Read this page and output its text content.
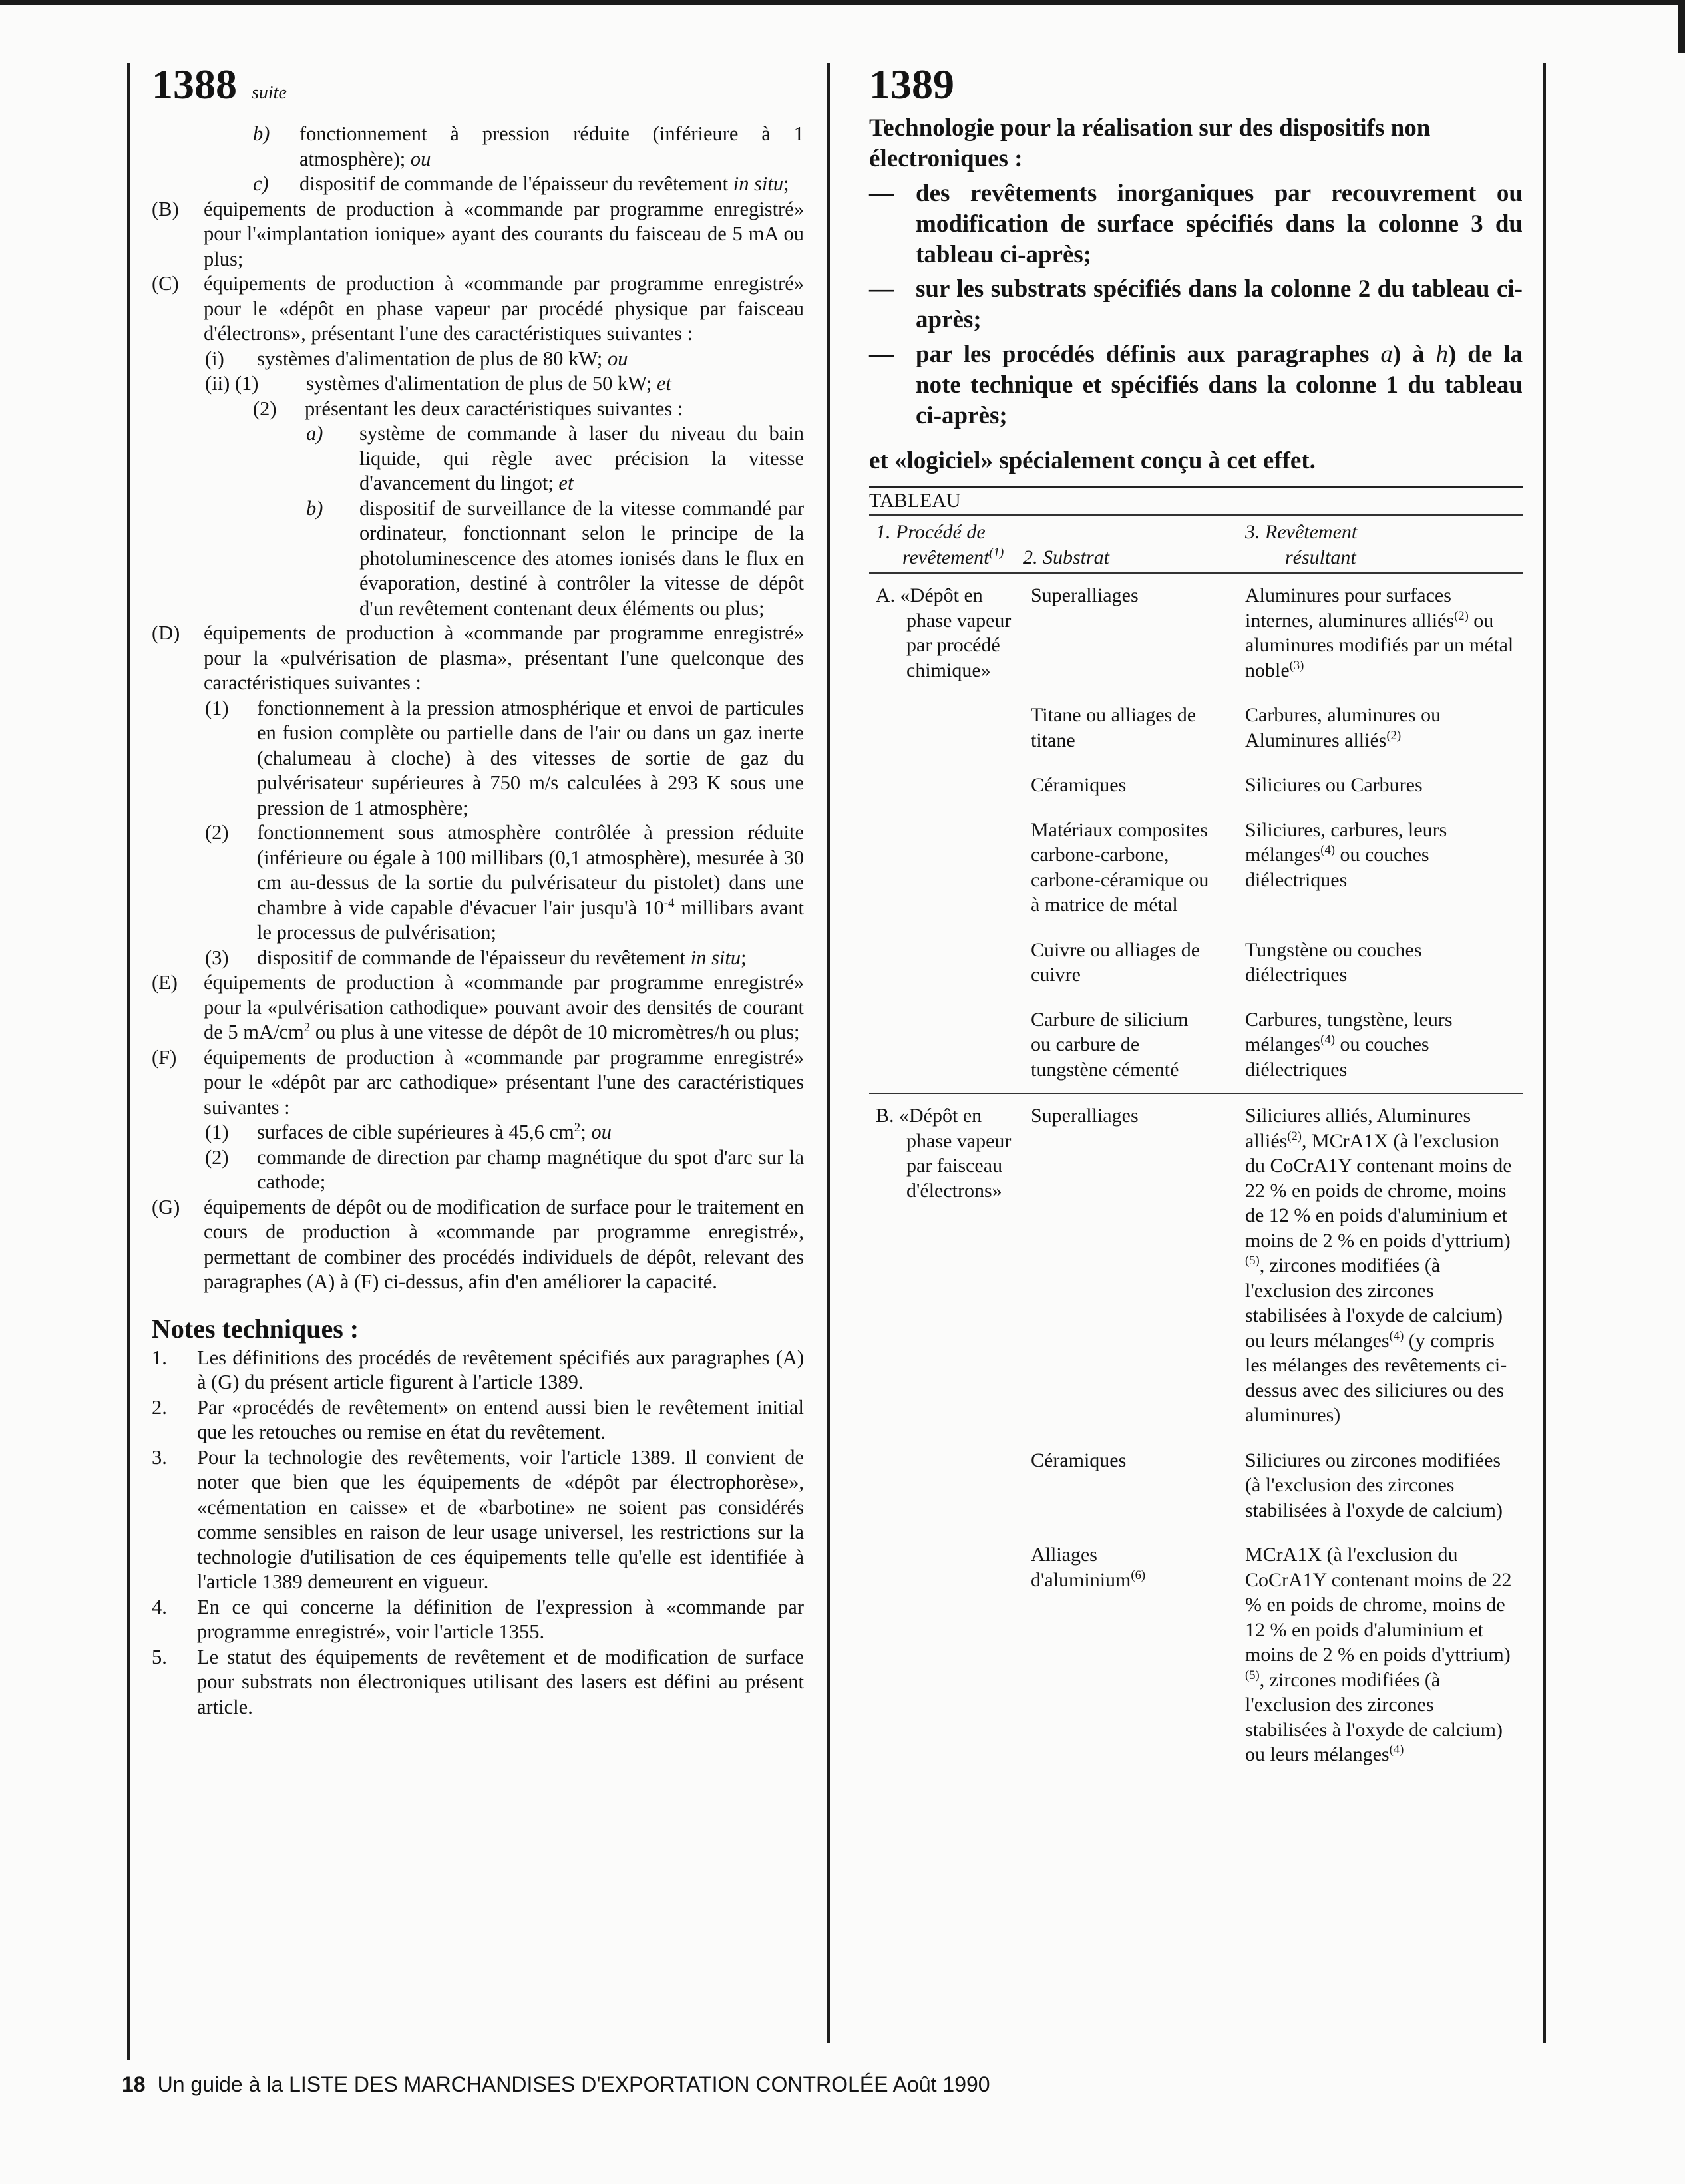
1388 suite

b)	fonctionnement à pression réduite (inférieure à 1 atmosphère); ou

c)	dispositif de commande de l'épaisseur du revêtement in situ;

(B)	équipements de production à «commande par programme enregistré» pour l'«implantation ionique» ayant des courants du faisceau de 5 mA ou plus;

(C)	équipements de production à «commande par programme enregistré» pour le «dépôt en phase vapeur par procédé physique par faisceau d'électrons», présentant l'une des caractéristiques suivantes :

(i)	systèmes d'alimentation de plus de 80 kW; ou

(ii) (1)	systèmes d'alimentation de plus de 50 kW; et

(2)	présentant les deux caractéristiques suivantes :

a)	système de commande à laser du niveau du bain liquide, qui règle avec précision la vitesse d'avancement du lingot; et

b)	dispositif de surveillance de la vitesse commandé par ordinateur, fonctionnant selon le principe de la photoluminescence des atomes ionisés dans le flux en évaporation, destiné à contrôler la vitesse de dépôt d'un revêtement contenant deux éléments ou plus;

(D)	équipements de production à «commande par programme enregistré» pour la «pulvérisation de plasma», présentant l'une quelconque des caractéristiques suivantes :

(1)	fonctionnement à la pression atmosphérique et envoi de particules en fusion complète ou partielle dans de l'air ou dans un gaz inerte (chalumeau à cloche) à des vitesses de sortie de gaz du pulvérisateur supérieures à 750 m/s calculées à 293 K sous une pression de 1 atmosphère;

(2)	fonctionnement sous atmosphère contrôlée à pression réduite (inférieure ou égale à 100 millibars (0,1 atmosphère), mesurée à 30 cm au-dessus de la sortie du pulvérisateur du pistolet) dans une chambre à vide capable d'évacuer l'air jusqu'à $10^{-4}$ millibars avant le processus de pulvérisation;

(3)	dispositif de commande de l'épaisseur du revêtement in situ;

(E)	équipements de production à «commande par programme enregistré» pour la «pulvérisation cathodique» pouvant avoir des densités de courant de 5 $mA/cm^2$ ou plus à une vitesse de dépôt de 10 micromètres/h ou plus;

(F)	équipements de production à «commande par programme enregistré» pour le «dépôt par arc cathodique» présentant l'une des caractéristiques suivantes :

(1)	surfaces de cible supérieures à 45,6 $cm^2$; ou

(2)	commande de direction par champ magnétique du spot d'arc sur la cathode;

(G)	équipements de dépôt ou de modification de surface pour le traitement en cours de production à «commande par programme enregistré», permettant de combiner des procédés individuels de dépôt, relevant des paragraphes (A) à (F) ci-dessus, afin d'en améliorer la capacité.

Notes techniques :

1.	Les définitions des procédés de revêtement spécifiés aux paragraphes (A) à (G) du présent article figurent à l'article 1389.

2.	Par «procédés de revêtement» on entend aussi bien le revêtement initial que les retouches ou remise en état du revêtement.

3.	Pour la technologie des revêtements, voir l'article 1389. Il convient de noter que bien que les équipements de «dépôt par électrophorèse», «cémentation en caisse» et de «barbotine» ne soient pas considérés comme sensibles en raison de leur usage universel, les restrictions sur la technologie d'utilisation de ces équipements telle qu'elle est identifiée à l'article 1389 demeurent en vigueur.

4.	En ce qui concerne la définition de l'expression à «commande par programme enregistré», voir l'article 1355.

5.	Le statut des équipements de revêtement et de modification de surface pour substrats non électroniques utilisant des lasers est défini au présent article.

1389
Technologie pour la réalisation sur des dispositifs non électroniques :
— des revêtements inorganiques par recouvrement ou modification de surface spécifiés dans la colonne 3 du tableau ci-après;
— sur les substrats spécifiés dans la colonne 2 du tableau ci-après;
— par les procédés définis aux paragraphes a) à h) de la note technique et spécifiés dans la colonne 1 du tableau ci-après;
et «logiciel» spécialement conçu à cet effet.
TABLEAU
1. Procédé de
revêtement$^{(1)}$	2. Substrat	3. Revêtement
résultant

A. «Dépôt en phase vapeur par procédé chimique»	Superalliages	Aluminures pour surfaces internes, aluminures alliés$^{(2)}$ ou aluminures modifiés par un métal noble$^{(3)}$

	Titane ou alliages de titane	Carbures, aluminures ou Aluminures alliés$^{(2)}$

	Céramiques	Siliciures ou Carbures

	Matériaux composites carbone-carbone, carbone-céramique ou à matrice de métal	Siliciures, carbures, leurs mélanges$^{(4)}$ ou couches diélectriques

	Cuivre ou alliages de cuivre	Tungstène ou couches diélectriques

	Carbure de silicium ou carbure de tungstène cémenté	Carbures, tungstène, leurs mélanges$^{(4)}$ ou couches diélectriques

B. «Dépôt en phase vapeur par faisceau d'électrons»	Superalliages	Siliciures alliés, Aluminures alliés$^{(2)}$, MCrA1X (à l'exclusion du CoCrA1Y contenant moins de 22 % en poids de chrome, moins de 12 % en poids d'aluminium et moins de 2 % en poids d'yttrium)$^{(5)}$, zircones modifiées (à l'exclusion des zircones stabilisées à l'oxyde de calcium) ou leurs mélanges$^{(4)}$ (y compris les mélanges des revêtements ci-dessus avec des siliciures ou des aluminures)

	Céramiques	Siliciures ou zircones modifiées (à l'exclusion des zircones stabilisées à l'oxyde de calcium)

	Alliages d'aluminium$^{(6)}$	MCrA1X (à l'exclusion du CoCrA1Y contenant moins de 22 % en poids de chrome, moins de 12 % en poids d'aluminium et moins de 2 % en poids d'yttrium)$^{(5)}$, zircones modifiées (à l'exclusion des zircones stabilisées à l'oxyde de calcium) ou leurs mélanges$^{(4)}$
18 Un guide à la LISTE DES MARCHANDISES D'EXPORTATION CONTROLÉE Août 1990
